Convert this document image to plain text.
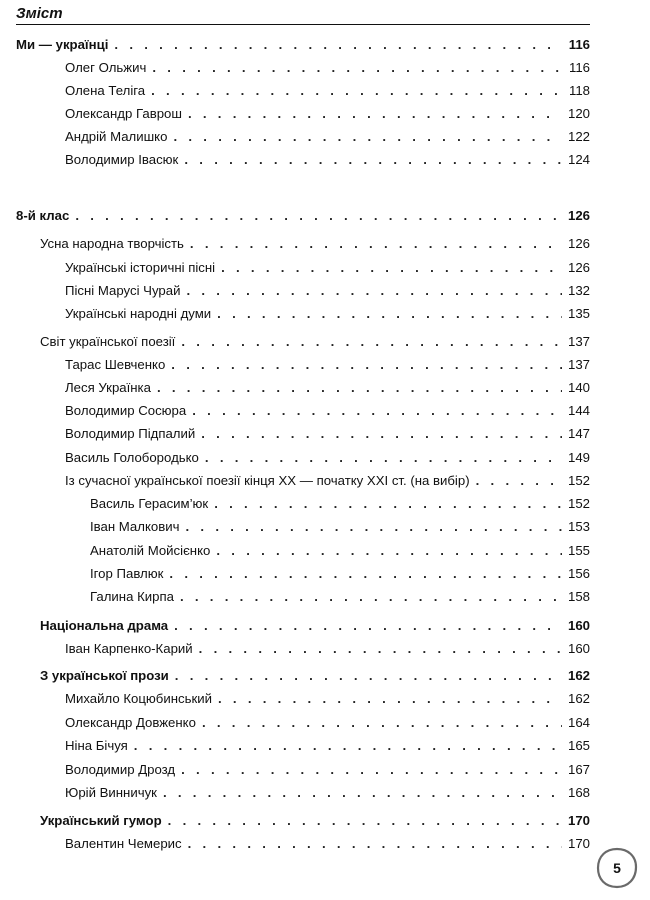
Зміст
Ми — українці . . .	116
Олег Ольжич . . .	116
Олена Теліга . . .	118
Олександр Гаврош . . .	120
Андрій Малишко . . .	122
Володимир Івасюк . . .	124
8-й клас . . .	126
Усна народна творчість . . .	126
Українські історичні пісні . . .	126
Пісні Марусі Чурай . . .	132
Українські народні думи . . .	135
Світ української поезії . . .	137
Тарас Шевченко . . .	137
Леся Українка . . .	140
Володимир Сосюра . . .	144
Володимир Підпалий . . .	147
Василь Голобородько . . .	149
Із сучасної української поезії кінця XX — початку XXI ст. (на вибір) . . .	152
Василь Герасим’юк . . .	152
Іван Малкович . . .	153
Анатолій Мойсієнко . . .	155
Ігор Павлюк . . .	156
Галина Кирпа . . .	158
Національна драма . . .	160
Іван Карпенко-Карий . . .	160
З української прози . . .	162
Михайло Коцюбинський . . .	162
Олександр Довженко . . .	164
Ніна Бічуя . . .	165
Володимир Дрозд . . .	167
Юрій Винничук . . .	168
Український гумор . . .	170
Валентин Чемерис . . .	170
5
